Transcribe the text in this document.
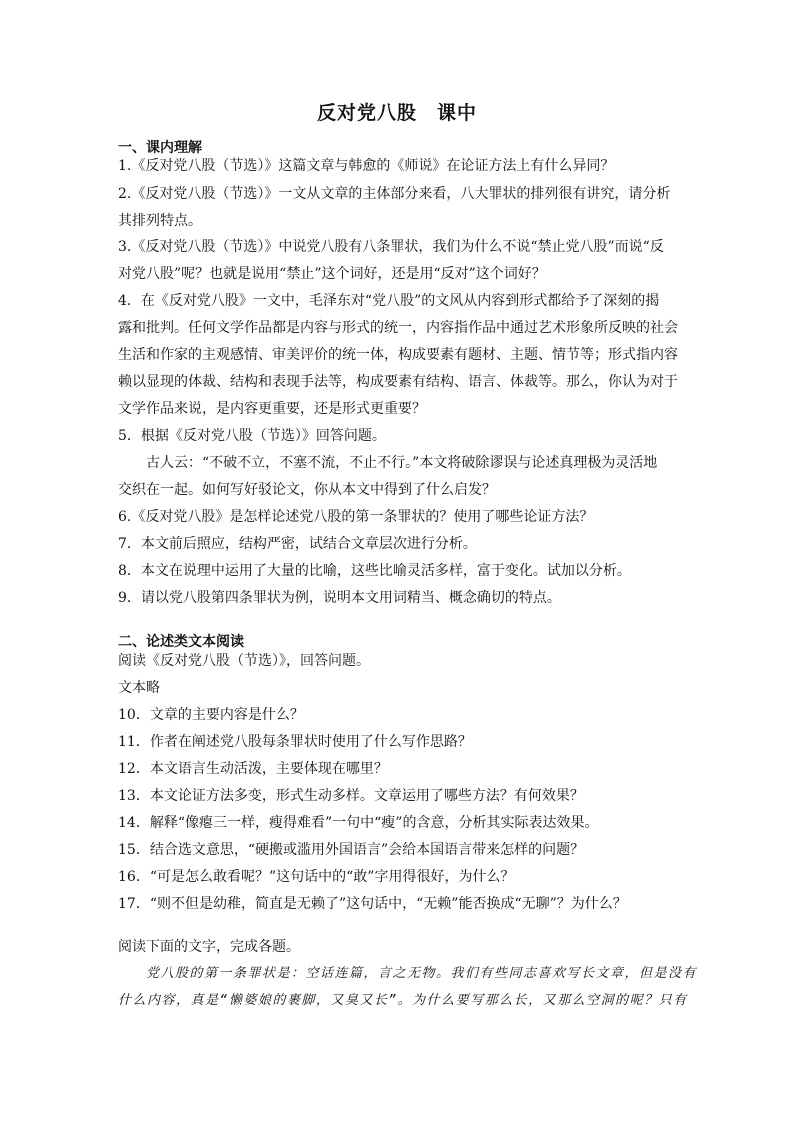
反对党八股　课中
一、课内理解
1.《反对党八股（节选）》这篇文章与韩愈的《师说》在论证方法上有什么异同？
2.《反对党八股（节选）》一文从文章的主体部分来看，八大罪状的排列很有讲究，请分析
其排列特点。
3.《反对党八股（节选）》中说党八股有八条罪状，我们为什么不说“禁止党八股”而说“反
对党八股”呢？也就是说用“禁止”这个词好，还是用“反对”这个词好？
4．在《反对党八股》一文中，毛泽东对“党八股”的文风从内容到形式都给予了深刻的揭
露和批判。任何文学作品都是内容与形式的统一，内容指作品中通过艺术形象所反映的社会
生活和作家的主观感情、审美评价的统一体，构成要素有题材、主题、情节等；形式指内容
赖以显现的体裁、结构和表现手法等，构成要素有结构、语言、体裁等。那么，你认为对于
文学作品来说，是内容更重要，还是形式更重要？
5．根据《反对党八股（节选）》回答问题。
古人云：“不破不立，不塞不流，不止不行。”本文将破除谬误与论述真理极为灵活地
交织在一起。如何写好驳论文，你从本文中得到了什么启发？
6.《反对党八股》是怎样论述党八股的第一条罪状的？使用了哪些论证方法？
7．本文前后照应，结构严密，试结合文章层次进行分析。
8．本文在说理中运用了大量的比喻，这些比喻灵活多样，富于变化。试加以分析。
9．请以党八股第四条罪状为例，说明本文用词精当、概念确切的特点。
二、论述类文本阅读
阅读《反对党八股（节选）》，回答问题。
文本略
10．文章的主要内容是什么？
11．作者在阐述党八股每条罪状时使用了什么写作思路？
12．本文语言生动活泼，主要体现在哪里？
13．本文论证方法多变，形式生动多样。文章运用了哪些方法？有何效果？
14．解释“像瘪三一样，瘦得难看”一句中“瘦”的含意，分析其实际表达效果。
15．结合选文意思，“硬搬或滥用外国语言”会给本国语言带来怎样的问题？
16．“可是怎么敢看呢？”这句话中的“敢”字用得很好，为什么？
17．“则不但是幼稚，简直是无赖了”这句话中，“无赖”能否换成“无聊”？为什么？
阅读下面的文字，完成各题。
党八股的第一条罪状是：空话连篇，言之无物。我们有些同志喜欢写长文章，但是没有
什么内容，真是“懒婆娘的裹脚，又臭又长”。为什么要写那么长，又那么空洞的呢？只有
